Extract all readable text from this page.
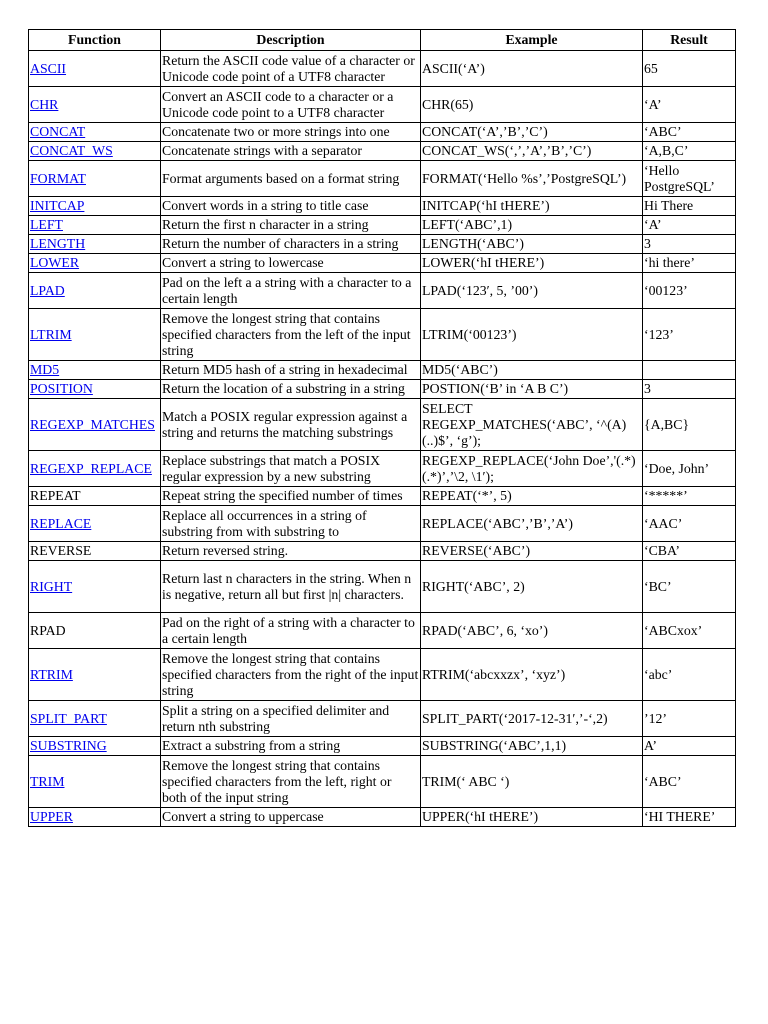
Function	Description	Example	Result
ASCII	Return the ASCII code value of a character or Unicode code point of a UTF8 character	ASCII(‘A’)	65
CHR	Convert an ASCII code to a character or a Unicode code point to a UTF8 character	CHR(65)	‘A’
CONCAT	Concatenate two or more strings into one	CONCAT(‘A’,’B’,’C’)	‘ABC’
CONCAT_WS	Concatenate strings with a separator	CONCAT_WS(‘,’,’A’,’B’,’C’)	‘A,B,C’
FORMAT	Format arguments based on a format string	FORMAT(‘Hello %s’,’PostgreSQL’)	‘Hello PostgreSQL’
INITCAP	Convert words in a string to title case	INITCAP(‘hI tHERE’)	Hi There
LEFT	Return the first n character in a string	LEFT(‘ABC’,1)	‘A’
LENGTH	Return the number of characters in a string	LENGTH(‘ABC’)	3
LOWER	Convert a string to lowercase	LOWER(‘hI tHERE’)	‘hi there’
LPAD	Pad on the left a a string with a character to a certain length	LPAD(‘123′, 5, ’00’)	‘00123’
LTRIM	Remove the longest string that contains specified characters from the left of the input string	LTRIM(‘00123’)	‘123’
MD5	Return MD5 hash of a string in hexadecimal	MD5(‘ABC’)	
POSITION	Return the location of a substring in a string	POSTION(‘B’ in ‘A B C’)	3
REGEXP_MATCHES	Match a POSIX regular expression against a string and returns the matching substrings	SELECT REGEXP_MATCHES(‘ABC’, ‘^(A)(..)$’, ‘g’);	{A,BC}
REGEXP_REPLACE	Replace substrings that match a POSIX regular expression by a new substring	REGEXP_REPLACE(‘John Doe’,'(.*) (.*)’,’\2, \1′);	‘Doe, John’
REPEAT	Repeat string the specified number of times	REPEAT(‘*’, 5)	‘*****’
REPLACE	Replace all occurrences in a string of substring from with substring to	REPLACE(‘ABC’,’B’,’A’)	‘AAC’
REVERSE	Return reversed string.	REVERSE(‘ABC’)	‘CBA’
RIGHT	Return last n characters in the string. When n is negative, return all but first |n| characters.	RIGHT(‘ABC’, 2)	‘BC’
RPAD	Pad on the right of a string with a character to a certain length	RPAD(‘ABC’, 6, ‘xo’)	‘ABCxox’
RTRIM	Remove the longest string that contains specified characters from the right of the input string	RTRIM(‘abcxxzx’, ‘xyz’)	‘abc’
SPLIT_PART	Split a string on a specified delimiter and return nth substring	SPLIT_PART(‘2017-12-31′,’-‘,2)	’12’
SUBSTRING	Extract a substring from a string	SUBSTRING(‘ABC’,1,1)	A’
TRIM	Remove the longest string that contains specified characters from the left, right or both of the input string	TRIM(‘ ABC ‘)	‘ABC’
UPPER	Convert a string to uppercase	UPPER(‘hI tHERE’)	‘HI THERE’
